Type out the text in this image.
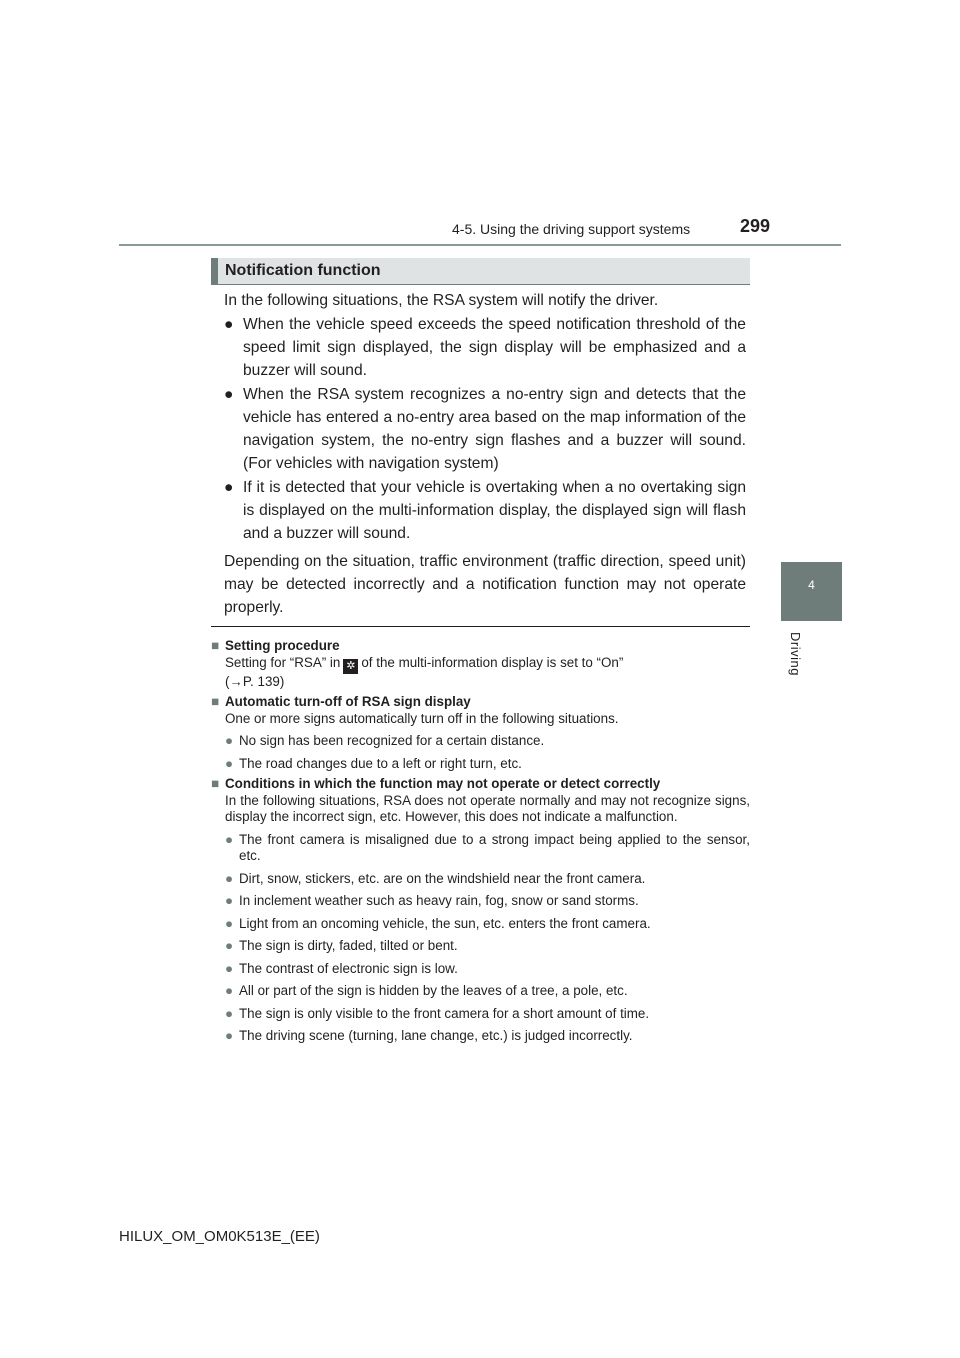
4-5. Using the driving support systems	299
4
Driving
Notification function

In the following situations, the RSA system will notify the driver.

● When the vehicle speed exceeds the speed notification threshold of the speed limit sign displayed, the sign display will be emphasized and a buzzer will sound.
● When the RSA system recognizes a no-entry sign and detects that the vehicle has entered a no-entry area based on the map information of the navigation system, the no-entry sign flashes and a buzzer will sound. (For vehicles with navigation system)
● If it is detected that your vehicle is overtaking when a no overtaking sign is displayed on the multi-information display, the displayed sign will flash and a buzzer will sound.

Depending on the situation, traffic environment (traffic direction, speed unit) may be detected incorrectly and a notification function may not operate properly.

■ Setting procedure
Setting for “RSA” in ✲ of the multi-information display is set to “On”
(→P. 139)
■ Automatic turn-off of RSA sign display
One or more signs automatically turn off in the following situations.
● No sign has been recognized for a certain distance.
● The road changes due to a left or right turn, etc.
■ Conditions in which the function may not operate or detect correctly
In the following situations, RSA does not operate normally and may not recognize signs, display the incorrect sign, etc. However, this does not indicate a malfunction.
● The front camera is misaligned due to a strong impact being applied to the sensor, etc.
● Dirt, snow, stickers, etc. are on the windshield near the front camera.
● In inclement weather such as heavy rain, fog, snow or sand storms.
● Light from an oncoming vehicle, the sun, etc. enters the front camera.
● The sign is dirty, faded, tilted or bent.
● The contrast of electronic sign is low.
● All or part of the sign is hidden by the leaves of a tree, a pole, etc.
● The sign is only visible to the front camera for a short amount of time.
● The driving scene (turning, lane change, etc.) is judged incorrectly.
HILUX_OM_OM0K513E_(EE)
